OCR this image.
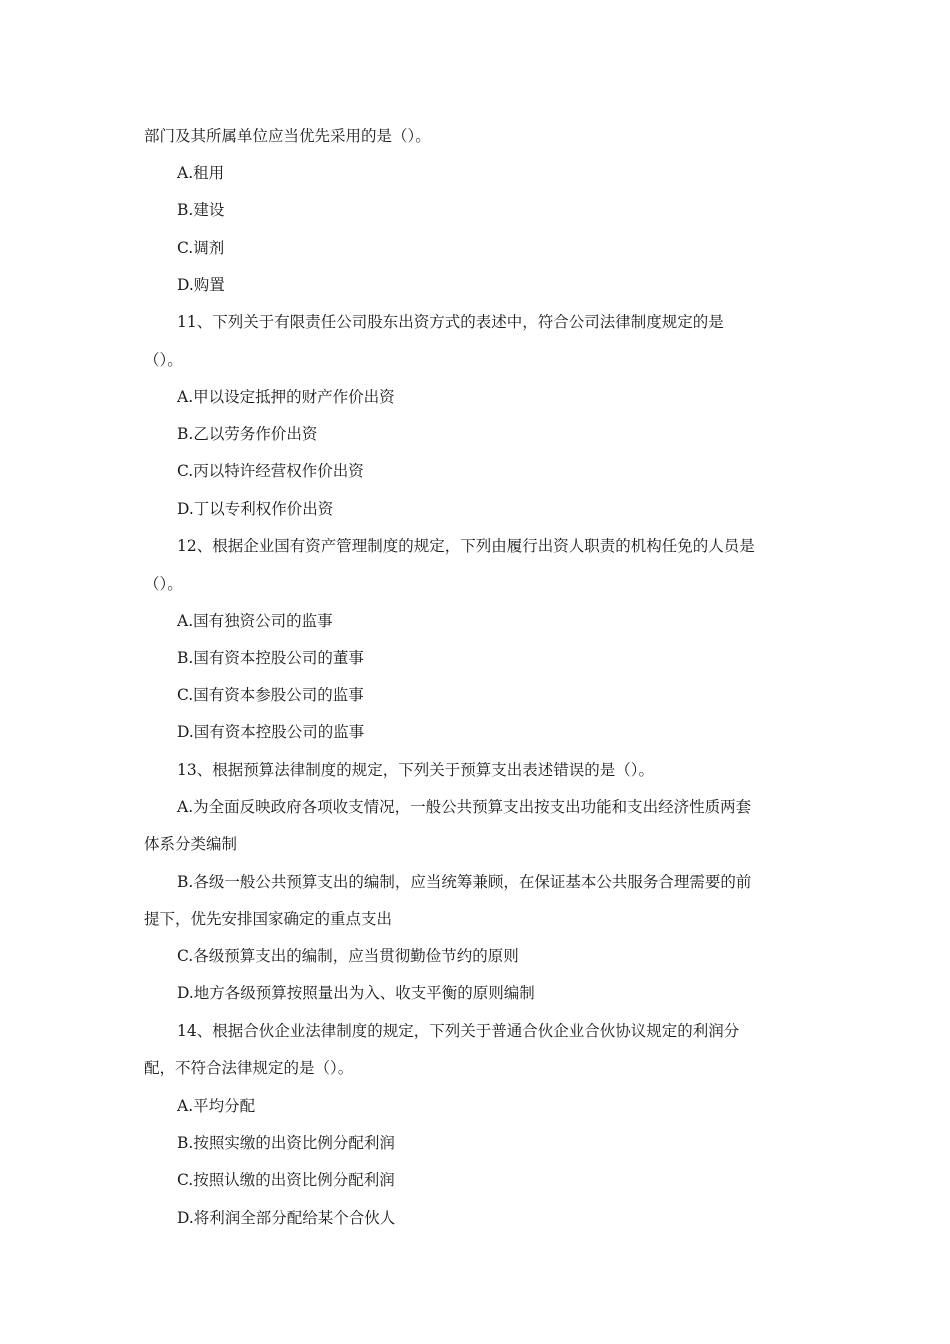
部门及其所属单位应当优先采用的是（）。
A.租用
B.建设
C.调剂
D.购置
11、下列关于有限责任公司股东出资方式的表述中，符合公司法律制度规定的是
（）。
A.甲以设定抵押的财产作价出资
B.乙以劳务作价出资
C.丙以特许经营权作价出资
D.丁以专利权作价出资
12、根据企业国有资产管理制度的规定，下列由履行出资人职责的机构任免的人员是
（）。
A.国有独资公司的监事
B.国有资本控股公司的董事
C.国有资本参股公司的监事
D.国有资本控股公司的监事
13、根据预算法律制度的规定，下列关于预算支出表述错误的是（）。
A.为全面反映政府各项收支情况，一般公共预算支出按支出功能和支出经济性质两套
体系分类编制
B.各级一般公共预算支出的编制，应当统筹兼顾，在保证基本公共服务合理需要的前
提下，优先安排国家确定的重点支出
C.各级预算支出的编制，应当贯彻勤俭节约的原则
D.地方各级预算按照量出为入、收支平衡的原则编制
14、根据合伙企业法律制度的规定，下列关于普通合伙企业合伙协议规定的利润分
配，不符合法律规定的是（）。
A.平均分配
B.按照实缴的出资比例分配利润
C.按照认缴的出资比例分配利润
D.将利润全部分配给某个合伙人
